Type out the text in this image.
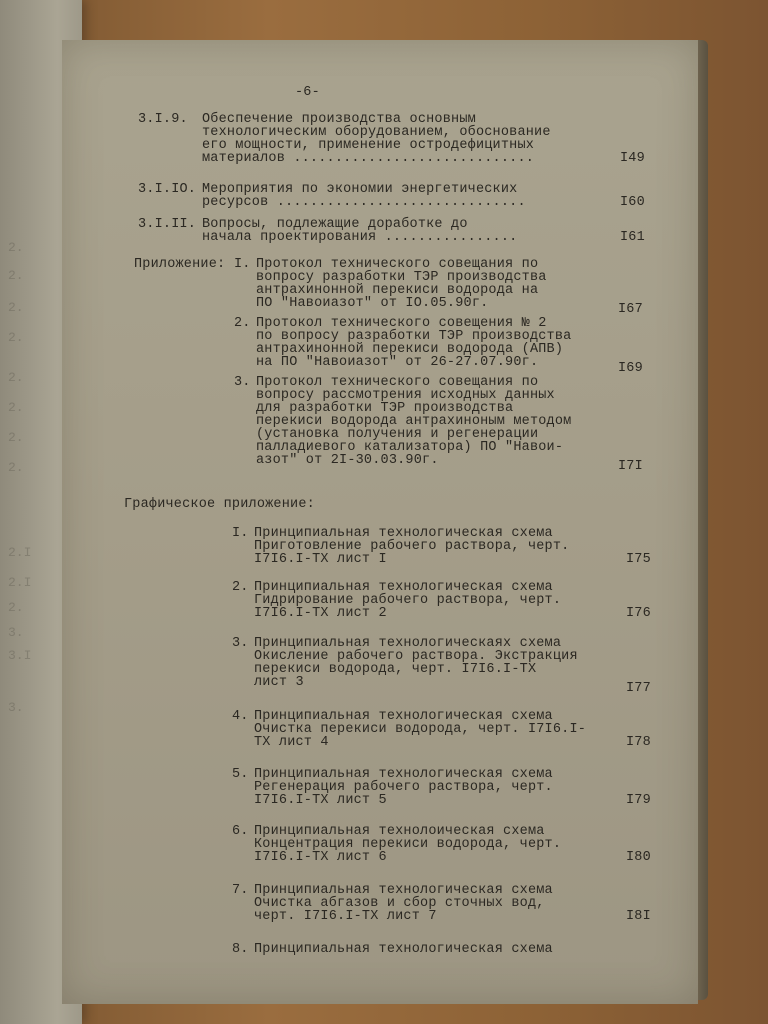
-6-
3.I.9. Обеспечение производства основным
технологическим оборудованием, обоснование
его мощности, применение остродефицитных
материалов .............................	I49
3.I.IO. Мероприятия по экономии энергетических
ресурсов ..............................	I60
3.I.II. Вопросы, подлежащие доработке до
начала проектирования ................	I61
Приложение: I. Протокол технического совещания по
вопросу разработки ТЭР производства
антрахинонной перекиси водорода на
ПО "Навоиазот" от IO.05.90г.	I67
2. Протокол технического совещения № 2
по вопросу разработки ТЭР производства
антрахинонной перекиси водорода (АПВ)
на ПО "Навоиазот" от 26-27.07.90г.	I69
3. Протокол технического совещания по
вопросу рассмотрения исходных данных
для разработки ТЭР производства
перекиси водорода антрахиноным методом
(установка получения и регенерации
палладиевого катализатора) ПО "Навои-
азот" от 2I-30.03.90г.	I7I
Графическое приложение:
I. Принципиальная технологическая схема
Приготовление рабочего раствора, черт.
I7I6.I-ТХ лист I	I75
2. Принципиальная технологическая схема
Гидрирование рабочего раствора, черт.
I7I6.I-ТХ лист 2	I76
3. Принципиальная технологическаях схема
Окисление рабочего раствора. Экстракция
перекиси водорода, черт. I7I6.I-ТХ
лист 3	I77
4. Принципиальная технологическая схема
Очистка перекиси водорода, черт. I7I6.I-
ТХ лист 4	I78
5. Принципиальная технологическая схема
Регенерация рабочего раствора, черт.
I7I6.I-ТХ лист 5	I79
6. Принципиальная технолоическая схема
Концентрация перекиси водорода, черт.
I7I6.I-ТХ лист 6	I80
7. Принципиальная технологическая схема
Очистка абгазов и сбор сточных вод,
черт. I7I6.I-ТХ лист 7	I8I
8. Принципиальная технологическая схема
2.
2.
2.
2.
2.
2.
2.
2.
2.I
2.I
2.
3.
3.I
3.
